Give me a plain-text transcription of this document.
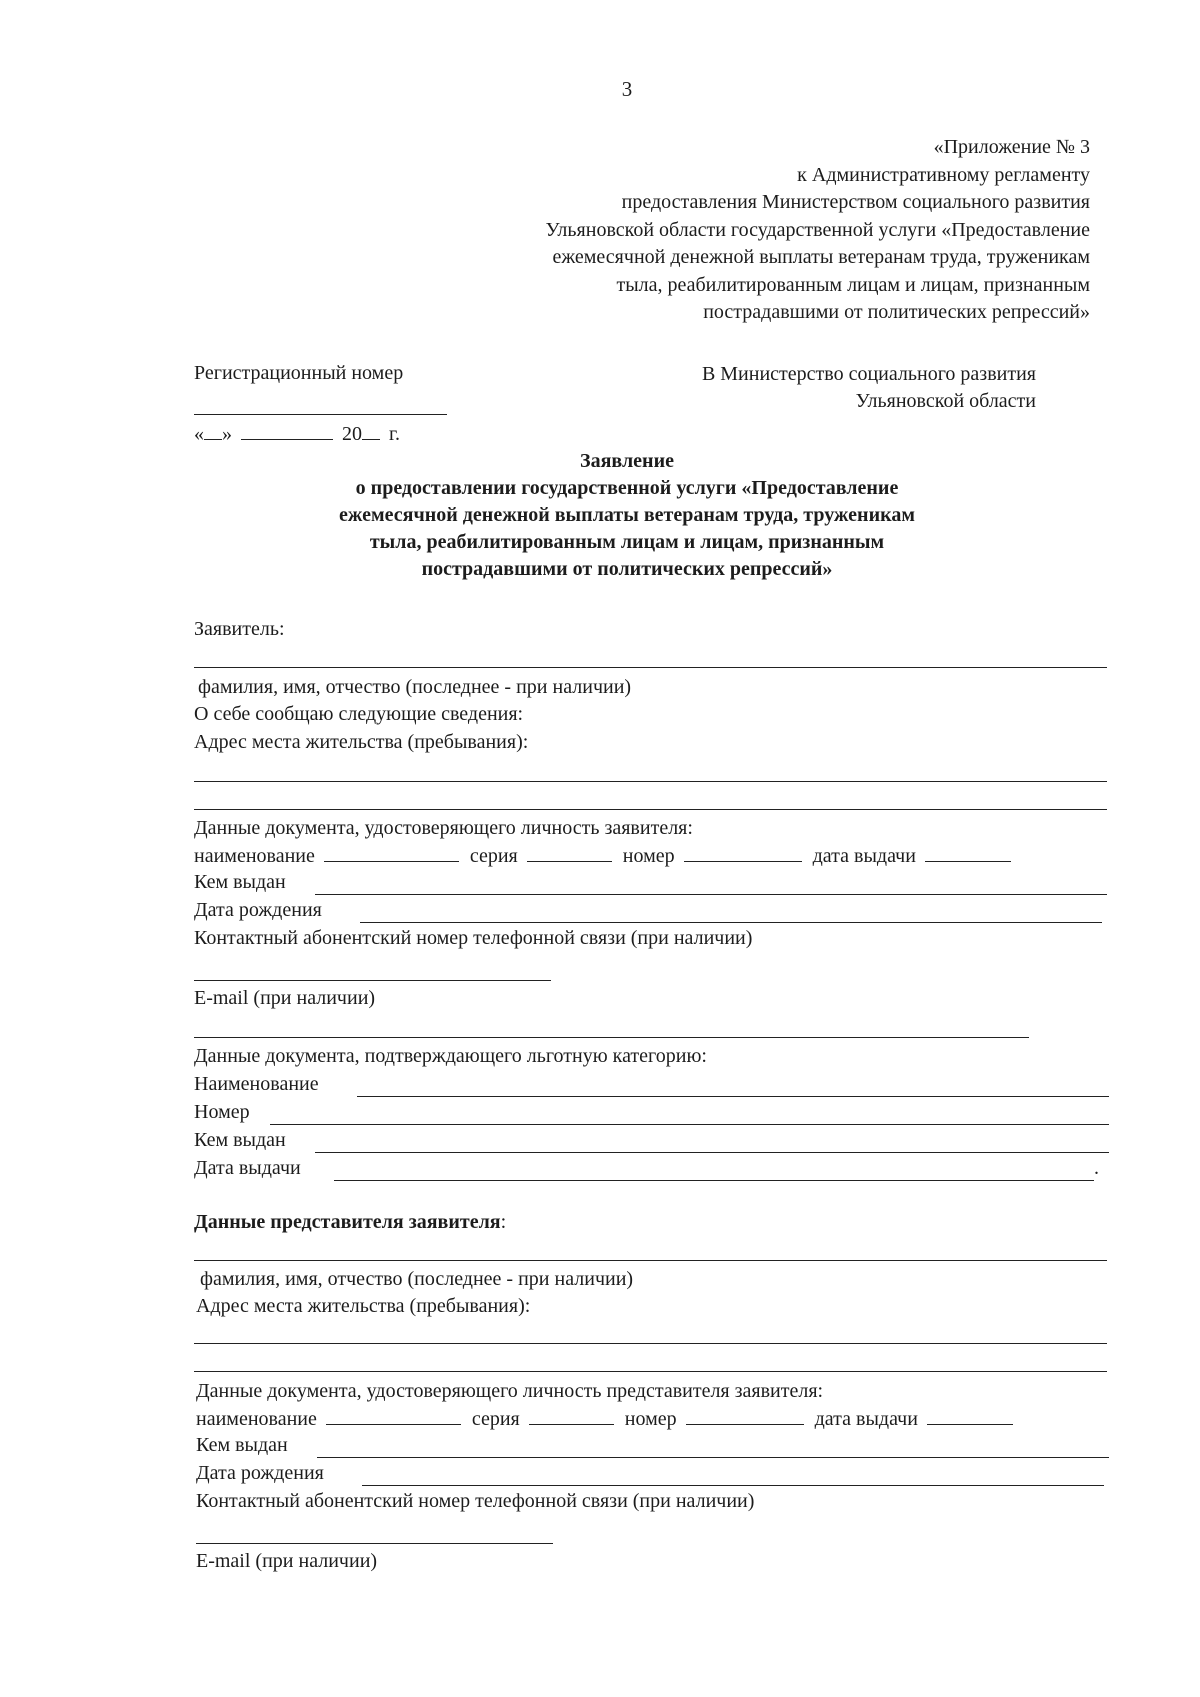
3
«Приложение № 3
к Административному регламенту
предоставления Министерством социального развития
Ульяновской области государственной услуги «Предоставление
ежемесячной денежной выплаты ветеранам труда, труженикам
тыла, реабилитированным лицам и лицам, признанным
пострадавшими от политических репрессий»
Регистрационный номер
« »	20 г.
В Министерство социального развития
Ульяновской области
Заявление
о предоставлении государственной услуги «Предоставление
ежемесячной денежной выплаты ветеранам труда, труженикам
тыла, реабилитированным лицам и лицам, признанным
пострадавшими от политических репрессий»
Заявитель:
фамилия, имя, отчество (последнее - при наличии)
О себе сообщаю следующие сведения:
Адрес места жительства (пребывания):
Данные документа, удостоверяющего личность заявителя:
наименование	серия	номер	дата выдачи
Кем выдан
Дата рождения
Контактный абонентский номер телефонной связи (при наличии)
E-mail (при наличии)
Данные документа, подтверждающего льготную категорию:
Наименование
Номер
Кем выдан
Дата выдачи	.
Данные представителя заявителя:
фамилия, имя, отчество (последнее - при наличии)
Адрес места жительства (пребывания):
Данные документа, удостоверяющего личность представителя заявителя:
наименование	серия	номер	дата выдачи
Кем выдан
Дата рождения
Контактный абонентский номер телефонной связи (при наличии)
E-mail (при наличии)
